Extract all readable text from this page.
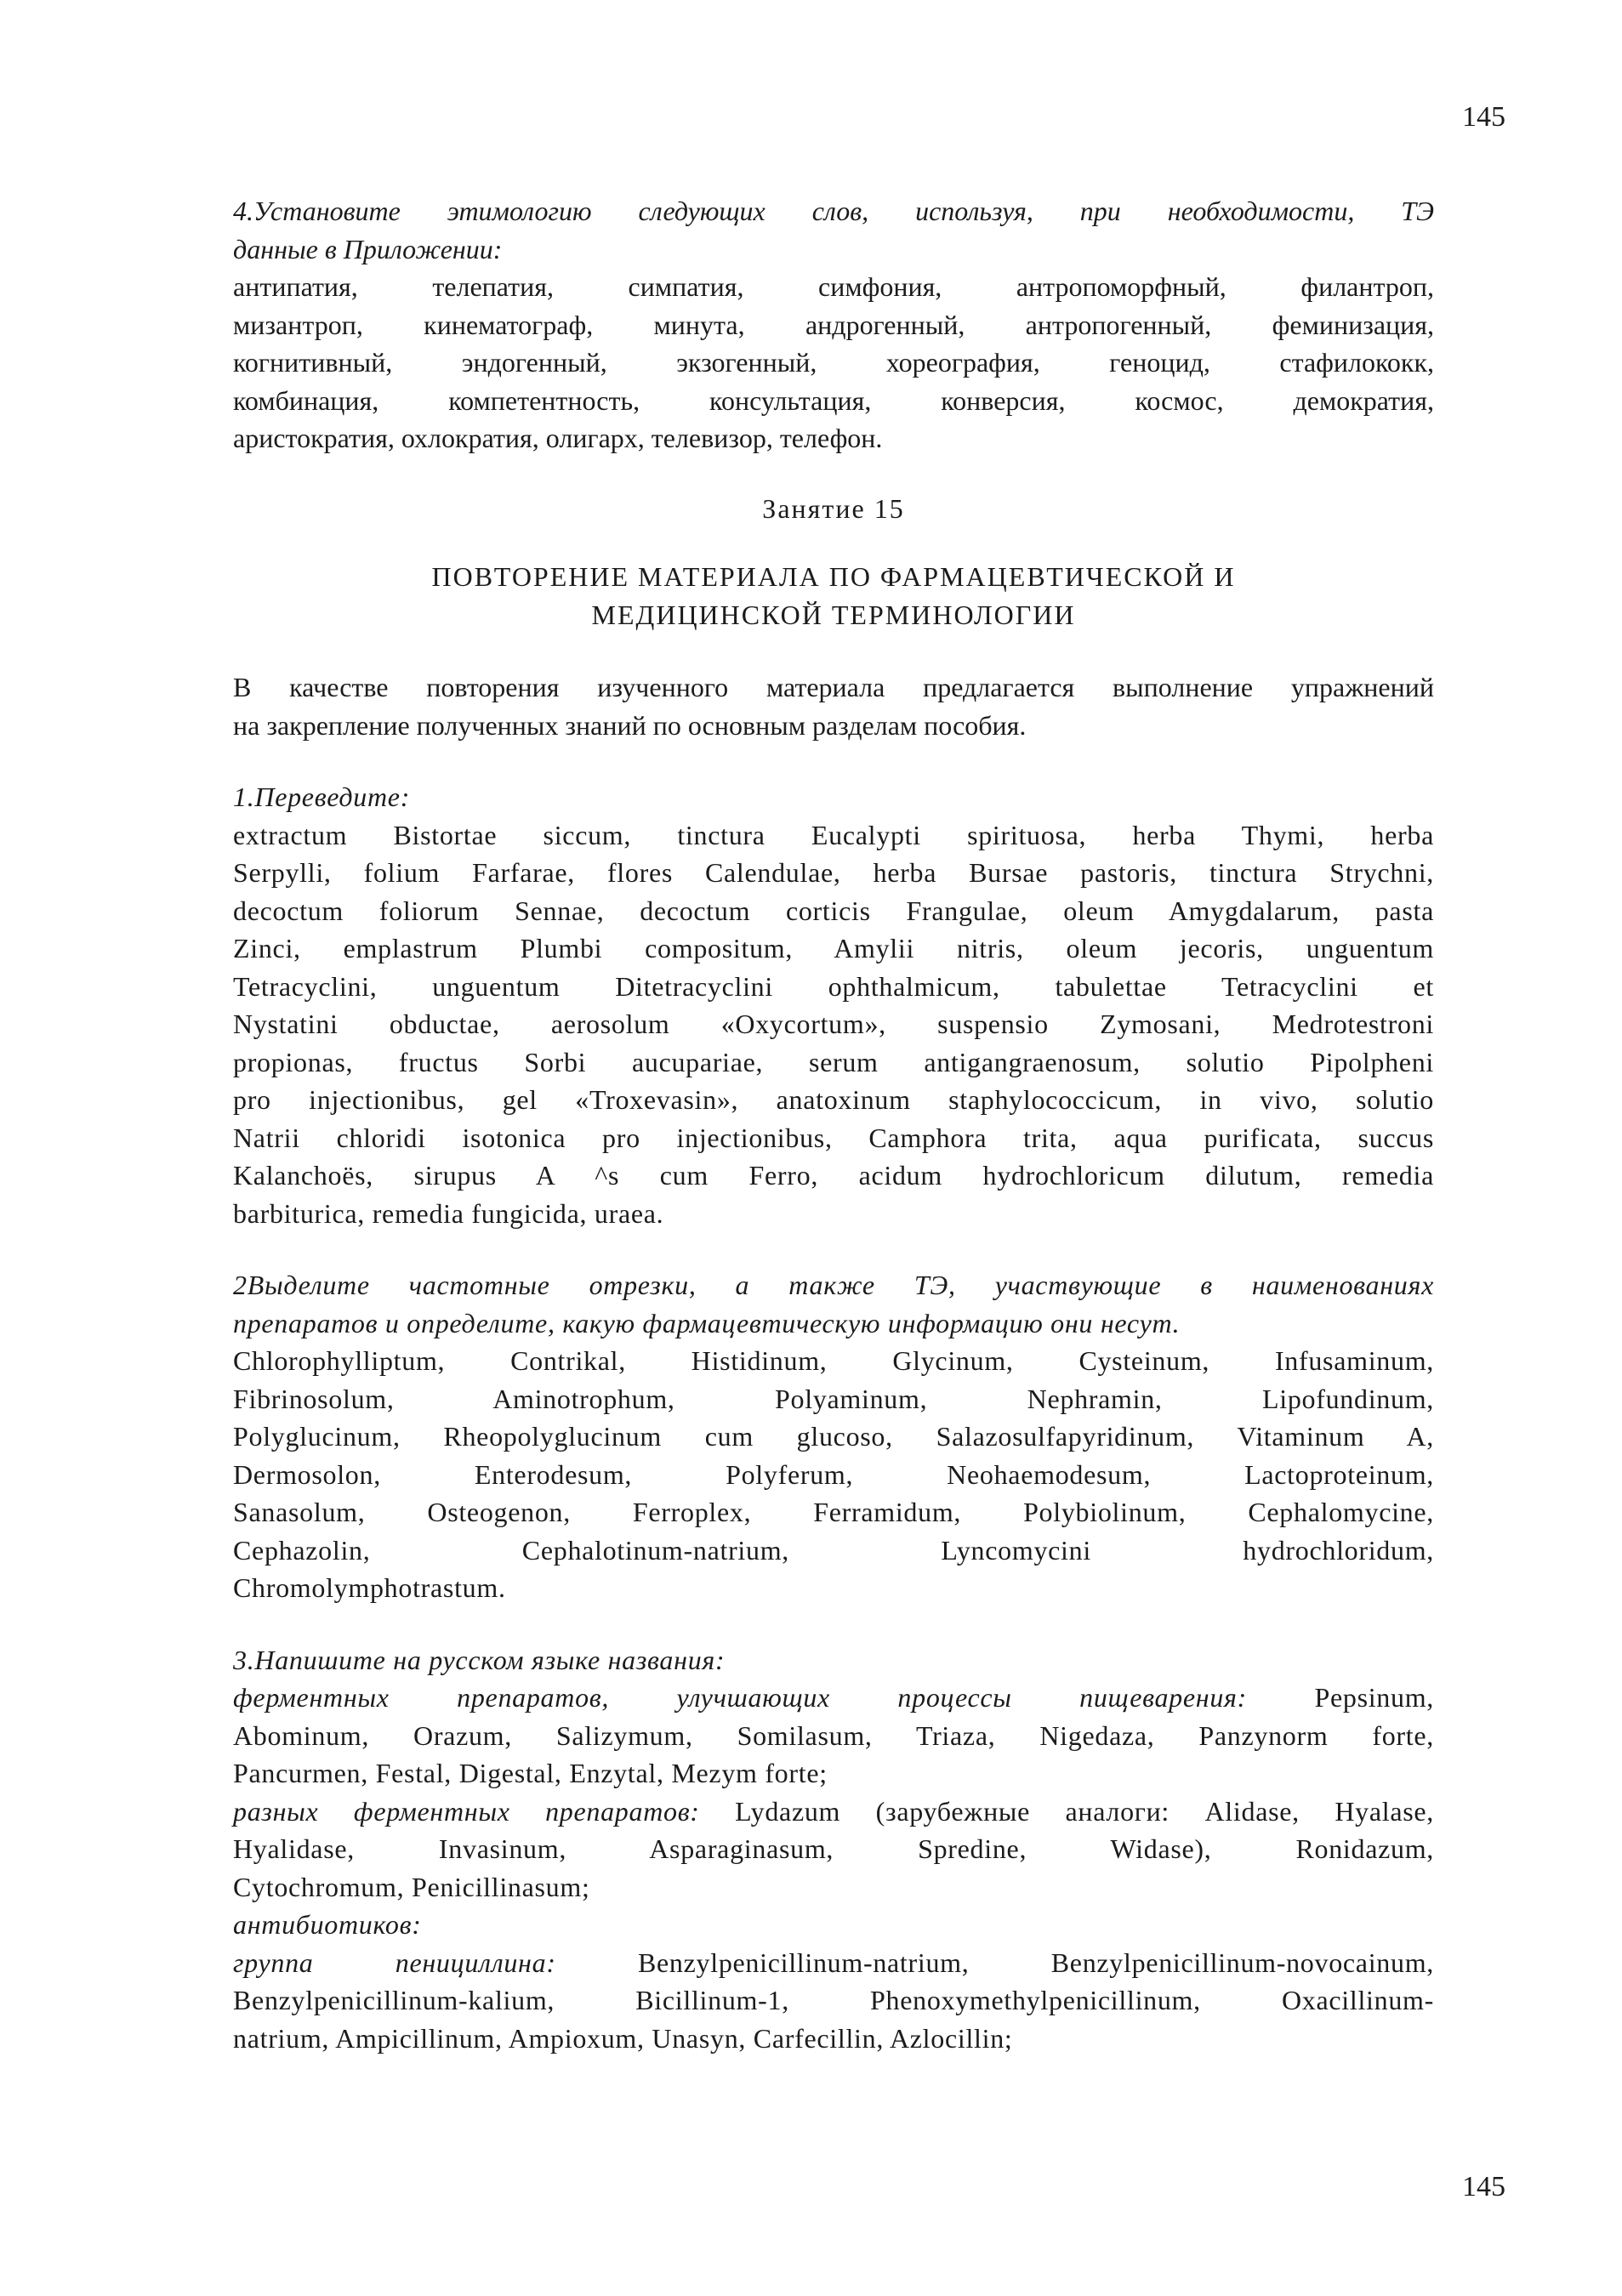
145

4.Установите этимологию следующих слов, используя, при необходимости, ТЭ

данные в Приложении:

антипатия, телепатия, симпатия, симфония, антропоморфный, филантроп,

мизантроп, кинематограф, минута, андрогенный, антропогенный, феминизация,

когнитивный, эндогенный, экзогенный, хореография, геноцид, стафилококк,

комбинация, компетентность, консультация, конверсия, космос, демократия,

аристократия, охлократия, олигарх, телевизор, телефон.

Занятие 15

ПОВТОРЕНИЕ МАТЕРИАЛА ПО ФАРМАЦЕВТИЧЕСКОЙ И
МЕДИЦИНСКОЙ ТЕРМИНОЛОГИИ

В качестве повторения изученного материала предлагается выполнение упражнений

на закрепление полученных знаний по основным разделам пособия.

1.Переведите:

extractum Bistortae siccum, tinctura Eucalypti spirituosa, herba Thymi, herba

Serpylli, folium Farfarae, flores Calendulae, herba Bursae pastoris, tinctura Strychni,

decoctum foliorum Sennae, decoctum corticis Frangulae, oleum Amygdalarum, pasta

Zinci, emplastrum Plumbi compositum, Amylii nitris, oleum jecoris, unguentum

Tetracyclini, unguentum Ditetracyclini ophthalmicum, tabulettae Tetracyclini et

Nystatini obductae, aerosolum «Oxycortum», suspensio Zymosani, Medrotestroni

propionas, fructus Sorbi aucupariae, serum antigangraenosum, solutio Pipolpheni

pro injectionibus, gel «Troxevasin», anatoxinum staphylococcicum, in vivo, solutio

Natrii chloridi isotonica pro injectionibus, Camphora trita, aqua purificata, succus

Kalanchoës, sirupus A ^s cum Ferro, acidum hydrochloricum dilutum, remedia

barbiturica, remedia fungicida, uraea.

2Выделите частотные отрезки, а также ТЭ, участвующие в наименованиях

препаратов и определите, какую фармацевтическую информацию они несут.

Chlorophylliptum, Contrikal, Histidinum, Glycinum, Cysteinum, Infusaminum,

Fibrinosolum, Aminotrophum, Polyaminum, Nephramin, Lipofundinum,

Polyglucinum, Rheopolyglucinum cum glucoso, Salazosulfapyridinum, Vitaminum A,

Dermosolon, Enterodesum, Polyferum, Neohaemodesum, Lactoproteinum,

Sanasolum, Osteogenon, Ferroplex, Ferramidum, Polybiolinum, Cephalomycine,

Cephazolin, Cephalotinum-natrium, Lyncomycini hydrochloridum,

Chromolymphotrastum.

3.Напишите на русском языке названия:

ферментных препаратов, улучшающих процессы пищеварения: Pepsinum,

Abominum, Orazum, Salizymum, Somilasum, Triaza, Nigedaza, Panzynorm forte,

Pancurmen, Festal, Digestal, Enzytal, Mezym forte;

разных ферментных препаратов: Lydazum (зарубежные аналоги: Alidase, Hyalase,

Hyalidase, Invasinum, Asparaginasum, Spredine, Widase), Ronidazum,

Cytochromum, Penicillinasum;

антибиотиков:

группа пенициллина:	Benzylpenicillinum-natrium, Benzylpenicillinum-novocainum,

Benzylpenicillinum-kalium, Bicillinum-1, Phenoxymethylpenicillinum, Oxacillinum-

natrium, Ampicillinum, Ampioxum, Unasyn, Carfecillin, Azlocillin;

145
